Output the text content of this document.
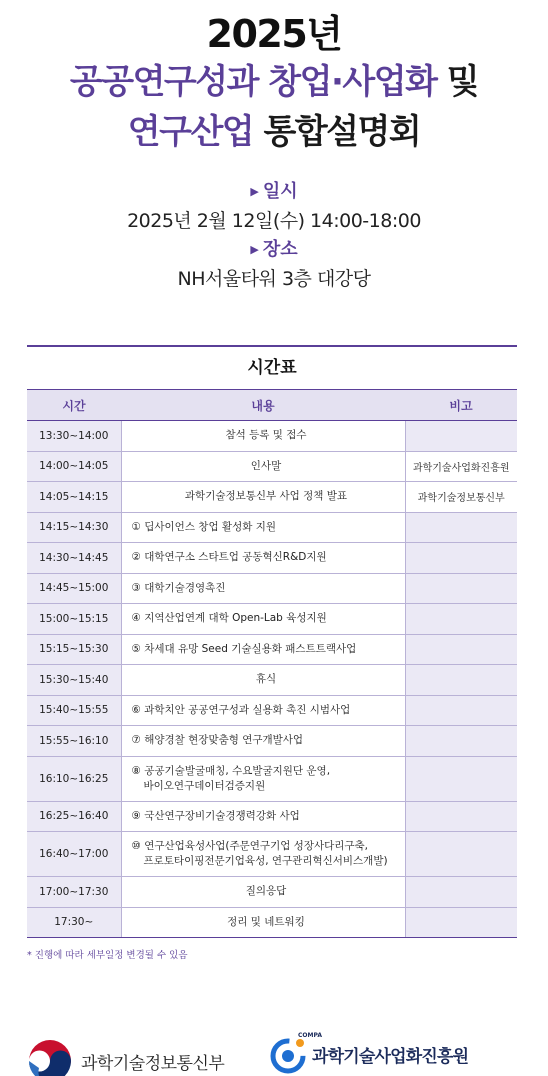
2025년
공공연구성과 창업·사업화 및
연구산업 통합설명회
▶ 일시
2025년 2월 12일(수) 14:00-18:00
▶ 장소
NH서울타워 3층 대강당
시간표
시간	내용	비고
13:30~14:00	참석 등록 및 접수	
14:00~14:05	인사말	과학기술사업화진흥원
14:05~14:15	과학기술정보통신부 사업 정책 발표	과학기술정보통신부
14:15~14:30	① 딥사이언스 창업 활성화 지원	
14:30~14:45	② 대학연구소 스타트업 공동혁신R&D지원	
14:45~15:00	③ 대학기술경영촉진	
15:00~15:15	④ 지역산업연계 대학 Open-Lab 육성지원	
15:15~15:30	⑤ 차세대 유망 Seed 기술실용화 패스트트랙사업	
15:30~15:40	휴식	
15:40~15:55	⑥ 과학치안 공공연구성과 실용화 촉진 시범사업	
15:55~16:10	⑦ 해양경찰 현장맞춤형 연구개발사업	
16:10~16:25	⑧ 공공기술발굴매칭, 수요발굴지원단 운영,
바이오연구데이터검증지원	
16:25~16:40	⑨ 국산연구장비기술경쟁력강화 사업	
16:40~17:00	⑩ 연구산업육성사업(주문연구기업 성장사다리구축,
프로토타이핑전문기업육성, 연구관리혁신서비스개발)	
17:00~17:30	질의응답	
17:30~	정리 및 네트워킹	
* 진행에 따라 세부일정 변경될 수 있음
과학기술정보통신부
COMPA
과학기술사업화진흥원
